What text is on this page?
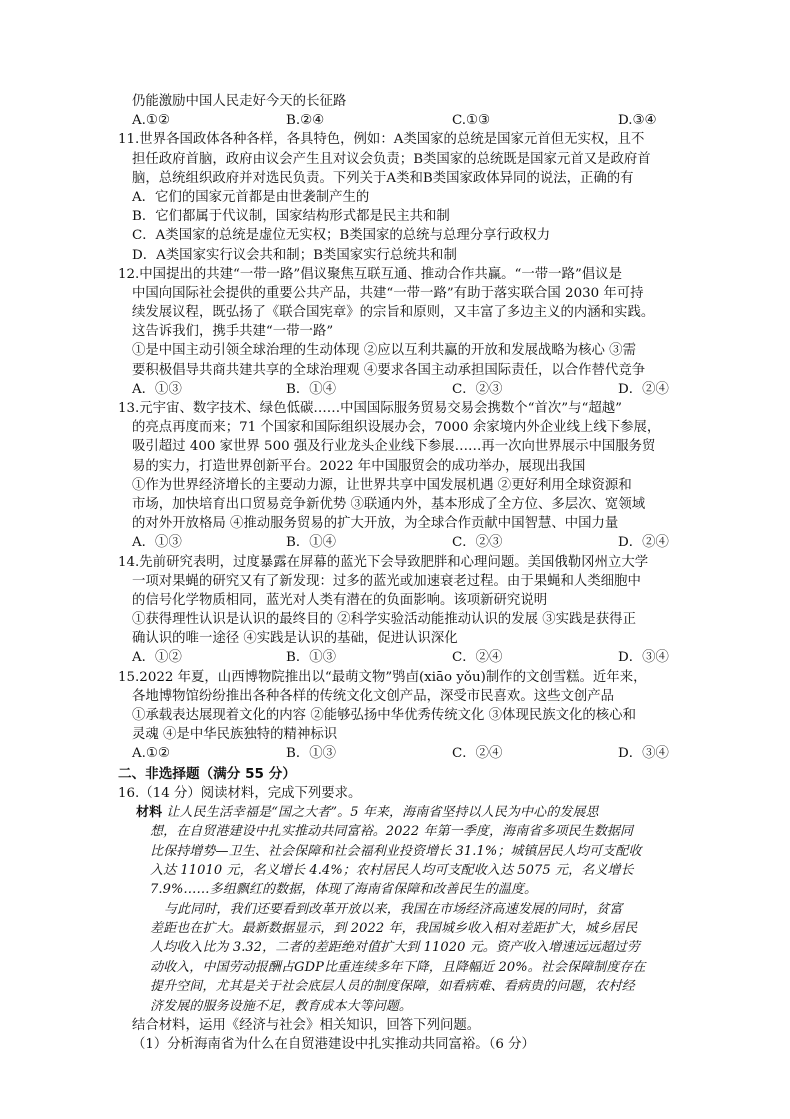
仍能激励中国人民走好今天的长征路
A.①②	B.②④	C.①③	D.③④
11.世界各国政体各种各样，各具特色，例如：A类国家的总统是国家元首但无实权，且不
担任政府首脑，政府由议会产生且对议会负责；B类国家的总统既是国家元首又是政府首
脑，总统组织政府并对选民负责。下列关于A类和B类国家政体异同的说法，正确的有
A．它们的国家元首都是由世袭制产生的
B．它们都属于代议制，国家结构形式都是民主共和制
C．A类国家的总统是虚位无实权；B类国家的总统与总理分享行政权力
D．A类国家实行议会共和制；B类国家实行总统共和制
12.中国提出的共建“一带一路”倡议聚焦互联互通、推动合作共赢。“一带一路”倡议是
中国向国际社会提供的重要公共产品，共建“一带一路”有助于落实联合国 2030 年可持
续发展议程，既弘扬了《联合国宪章》的宗旨和原则，又丰富了多边主义的内涵和实践。
这告诉我们，携手共建“一带一路”
①是中国主动引领全球治理的生动体现 ②应以互利共赢的开放和发展战略为核心 ③需
要积极倡导共商共建共享的全球治理观 ④要求各国主动承担国际责任，以合作替代竞争
A．①③	B．①④	C．②③	D．②④
13.元宇宙、数字技术、绿色低碳……中国国际服务贸易交易会携数个“首次”与“超越”
的亮点再度而来；71 个国家和国际组织设展办会，7000 余家境内外企业线上线下参展，
吸引超过 400 家世界 500 强及行业龙头企业线下参展……再一次向世界展示中国服务贸
易的实力，打造世界创新平台。2022 年中国服贸会的成功举办，展现出我国
①作为世界经济增长的主要动力源，让世界共享中国发展机遇 ②更好利用全球资源和
市场，加快培育出口贸易竞争新优势 ③联通内外，基本形成了全方位、多层次、宽领域
的对外开放格局 ④推动服务贸易的扩大开放，为全球合作贡献中国智慧、中国力量
A．①③	B．①④	C．②③	D．②④
14.先前研究表明，过度暴露在屏幕的蓝光下会导致肥胖和心理问题。美国俄勒冈州立大学
一项对果蝇的研究又有了新发现：过多的蓝光或加速衰老过程。由于果蝇和人类细胞中
的信号化学物质相同，蓝光对人类有潜在的负面影响。该项新研究说明
①获得理性认识是认识的最终目的 ②科学实验活动能推动认识的发展 ③实践是获得正
确认识的唯一途径 ④实践是认识的基础，促进认识深化
A．①②	B．①③	C．②④	D．③④
15.2022 年夏，山西博物院推出以“最萌文物”鸮卣(xiāo yǒu)制作的文创雪糕。近年来，
各地博物馆纷纷推出各种各样的传统文化文创产品，深受市民喜欢。这些文创产品
①承载表达展现着文化的内容 ②能够弘扬中华优秀传统文化 ③体现民族文化的核心和
灵魂 ④是中华民族独特的精神标识
A.①②	B．①③	C．②④	D．③④
二、非选择题（满分 55 分）
16.（14 分）阅读材料，完成下列要求。
材料 让人民生活幸福是“国之大者”。5 年来，海南省坚持以人民为中心的发展思
想，在自贸港建设中扎实推动共同富裕。2022 年第一季度，海南省多项民生数据同
比保持增势—卫生、社会保障和社会福利业投资增长 31.1%；城镇居民人均可支配收
入达 11010 元，名义增长 4.4%；农村居民人均可支配收入达 5075 元，名义增长
7.9%……多组飘红的数据，体现了海南省保障和改善民生的温度。
与此同时，我们还要看到改革开放以来，我国在市场经济高速发展的同时，贫富
差距也在扩大。最新数据显示，到 2022 年，我国城乡收入相对差距扩大，城乡居民
人均收入比为 3.32，二者的差距绝对值扩大到 11020 元。资产收入增速远远超过劳
动收入，中国劳动报酬占GDP比重连续多年下降，且降幅近 20%。社会保障制度存在
提升空间，尤其是关于社会底层人员的制度保障，如看病难、看病贵的问题，农村经
济发展的服务设施不足，教育成本大等问题。
结合材料，运用《经济与社会》相关知识，回答下列问题。
（1）分析海南省为什么在自贸港建设中扎实推动共同富裕。（6 分）
